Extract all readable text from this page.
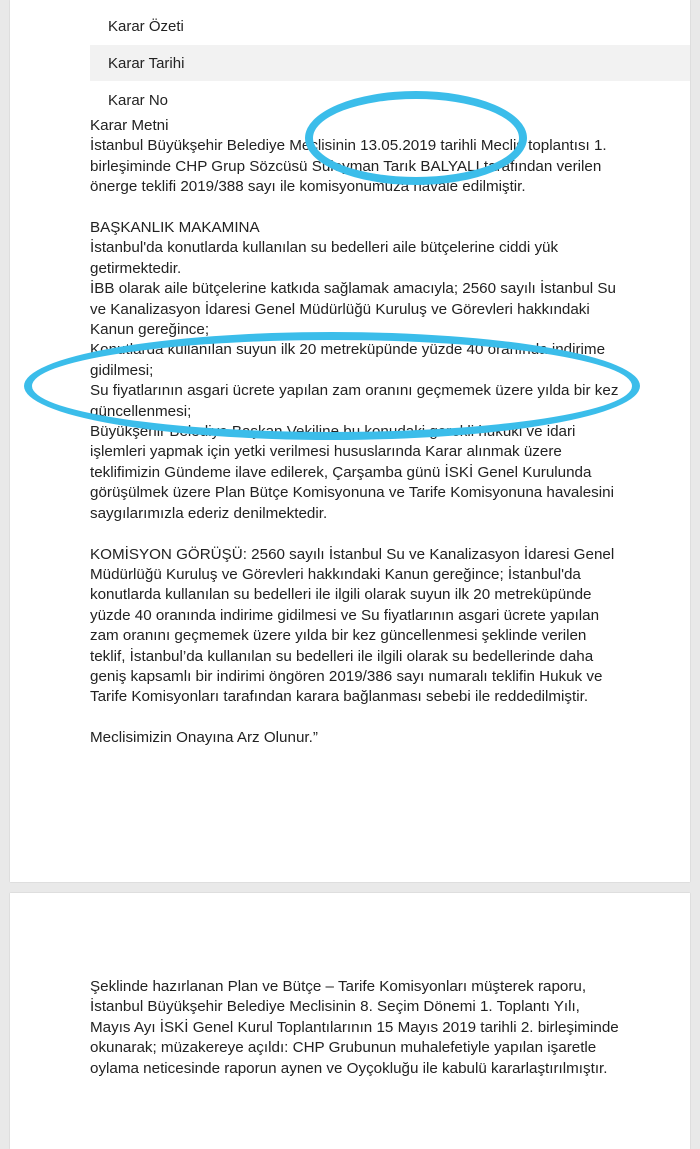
Karar Özeti
Karar Tarihi
Karar No

Karar Metni

İstanbul Büyükşehir Belediye Meclisinin 13.05.2019 tarihli Meclis toplantısı 1. birleşiminde CHP Grup Sözcüsü Süleyman Tarık BALYALI tarafından verilen önerge teklifi 2019/388 sayı ile komisyonumuza havale edilmiştir.

BAŞKANLIK MAKAMINA

İstanbul'da konutlarda kullanılan su bedelleri aile bütçelerine ciddi yük getirmektedir.

İBB olarak aile bütçelerine katkıda sağlamak amacıyla; 2560 sayılı İstanbul Su ve Kanalizasyon İdaresi Genel Müdürlüğü Kuruluş ve Görevleri hakkındaki Kanun gereğince;

Konutlarda kullanılan suyun ilk 20 metreküpünde yüzde 40 oranında indirime gidilmesi;

Su fiyatlarının asgari ücrete yapılan zam oranını geçmemek üzere yılda bir kez güncellenmesi;

Büyükşehir Belediye Başkan Vekiline bu konudaki gerekli hukuki ve idari işlemleri yapmak için yetki verilmesi hususlarında Karar alınmak üzere teklifimizin Gündeme ilave edilerek, Çarşamba günü İSKİ Genel Kurulunda görüşülmek üzere Plan Bütçe Komisyonuna ve Tarife Komisyonuna havalesini saygılarımızla ederiz denilmektedir.

KOMİSYON GÖRÜŞÜ: 2560 sayılı İstanbul Su ve Kanalizasyon İdaresi Genel Müdürlüğü Kuruluş ve Görevleri hakkındaki Kanun gereğince; İstanbul'da konutlarda kullanılan su bedelleri ile ilgili olarak suyun ilk 20 metreküpünde yüzde 40 oranında indirime gidilmesi ve Su fiyatlarının asgari ücrete yapılan zam oranını geçmemek üzere yılda bir kez güncellenmesi şeklinde verilen teklif, İstanbul’da kullanılan su bedelleri ile ilgili olarak su bedellerinde daha geniş kapsamlı bir indirimi öngören 2019/386 sayı numaralı teklifin Hukuk ve Tarife Komisyonları tarafından karara bağlanması sebebi ile reddedilmiştir.

Meclisimizin Onayına Arz Olunur.”

Şeklinde hazırlanan Plan ve Bütçe – Tarife Komisyonları müşterek raporu, İstanbul Büyükşehir Belediye Meclisinin 8. Seçim Dönemi 1. Toplantı Yılı, Mayıs Ayı İSKİ Genel Kurul Toplantılarının 15 Mayıs 2019 tarihli 2. birleşiminde okunarak; müzakereye açıldı: CHP Grubunun muhalefetiyle yapılan işaretle oylama neticesinde raporun aynen ve Oyçokluğu ile kabulü kararlaştırılmıştır.
